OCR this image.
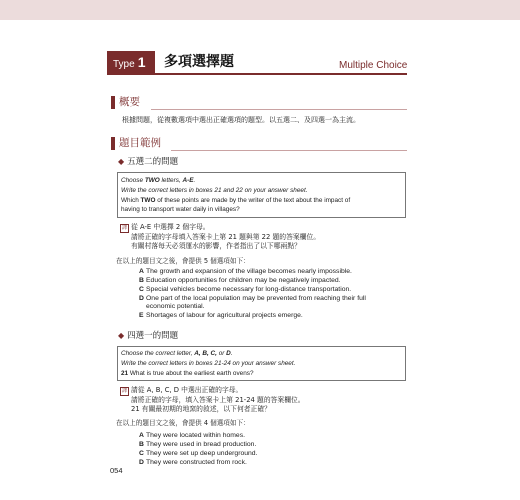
Type 1	多項選擇題	Multiple Choice
概要
根據問題，從複數選項中選出正確選項的題型。以五選二、及四選一為主流。
題目範例
◆ 五選二的問題
Choose TWO letters, A-E.
Write the correct letters in boxes 21 and 22 on your answer sheet.
Which TWO of these points are made by the writer of the text about the impact of
having to transport water daily in villages?
譯 從 A-E 中選擇 2 個字母。
請將正確的字母填入答案卡上第 21 題與第 22 題的答案欄位。
有關村落每天必須運水的影響，作者指出了以下哪兩點？
在以上的題目文之後，會提供 5 個選項如下：
A The growth and expansion of the village becomes nearly impossible.
B Education opportunities for children may be negatively impacted.
C Special vehicles become necessary for long-distance transportation.
D One part of the local population may be prevented from reaching their full
economic potential.
E Shortages of labour for agricultural projects emerge.
◆ 四選一的問題
Choose the correct letter, A, B, C, or D.
Write the correct letters in boxes 21-24 on your answer sheet.
21 What is true about the earliest earth ovens?
譯 請從 A, B, C, D 中選出正確的字母。
請將正確的字母，填入答案卡上第 21-24 題的答案欄位。
21 有關最初期的地窯的敘述，以下何者正確？
在以上的題目文之後，會提供 4 個選項如下：
A They were located within homes.
B They were used in bread production.
C They were set up deep underground.
D They were constructed from rock.
054
